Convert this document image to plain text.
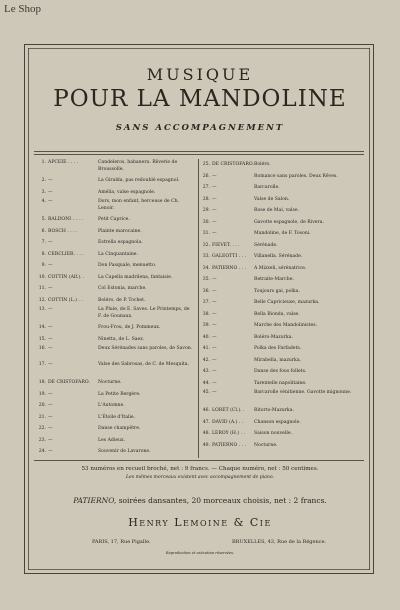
Le Shop
MUSIQUE
POUR LA MANDOLINE
SANS ACCOMPAGNEMENT
1. APCEIE . . . .	Candeleros, habanera. Rêverie de Broussolle.
2. —	La Giralda, pas redoublé espagnol.
3. —	Amélia, valse espagnole.
4. —	Dors, mon enfant, berceuse de Ch. Lenoir.
5. BALDONI . . . .	Petit Caprice.
6. BOSCH . . . .	Plainte marocaine.
7. —	Estrella espagnola.
8. CERCLIER. . . .	La Cinquantaine.
9. —	Don Pasquale, menuetto.
10. COTTIN (Alf.). .	La Capella madrilena, fantaisie.
11. —	Col Estonia, marche.
12. COTTIN (L.) . .	Boléro, de P. Tochet.
13. —	La Pluie, de E. Saves. Le Printemps, de F. de Gounaux.
14. —	Frou-Frou, de J. Pommeux.
15. —	Ninetta, de L. Saez.
16. —	Deux Sérénades sans paroles, de Savon.
17. —	Valse des Sabrosas, de C. de Mesquita.
18. DE CRISTOFARO.	Nocturne.
19. —	La Petite Bergère.
20. —	L'Automne.
21. —	L'Étoile d'Italie.
22. —	Danse champêtre.
23. —	Les Adieux.
24. —	Souvenir de Lavarone.
25. DE CRISTOFARO. Boléro.
26. —	Romance sans paroles. Deux Rêves.
27. —	Barcarolle.
28. —	Valse de Salon.
29. —	Rose de Mai, valse.
30. —	Gavotte espagnole, de Rivera.
31. —	Mandoline, de F. Tosoni.
32. FIEVET. . . .	Sérénade.
33. GALEOTTI . . .	Villanella. Sérénade.
34. PATIERNO . . .	A Mizzeli, sérénatrice.
35. —	Retraite-Marche.
36. —	Toujours gai, polka.
37. —	Belle Capricieuse, mazurka.
38. —	Bella Bionda, valse.
39. —	Marche des Mandolinistes.
40. —	Boléro-Mazurka.
41. —	Polka des Farfadets.
42. —	Mirabella, mazurka.
43. —	Danse des fous follets.
44. —	Tarentelle napolitaine.
45. —	Barcarolle vénitienne. Gavotte mignonne.
46. LORET (Cl.). .	Ritorto-Mazurka.
47. DAVID (A.) . .	Chanson espagnole.
48. LEROY (H.) . .	Saison nouvelle.
49. PATIERNO . . .	Nocturne.
53 numéros en recueil broché, net : 9 francs. — Chaque numéro, net : 50 centimes.
Les mêmes morceaux existent avec accompagnement de piano.
PATIERNO, soirées dansantes, 20 morceaux choisis, net : 2 francs.
Henry Lemoine & Cie
PARIS, 17, Rue Pigalle.	BRUXELLES, 43, Rue de la Régence.
Reproduction et exécution réservées.
